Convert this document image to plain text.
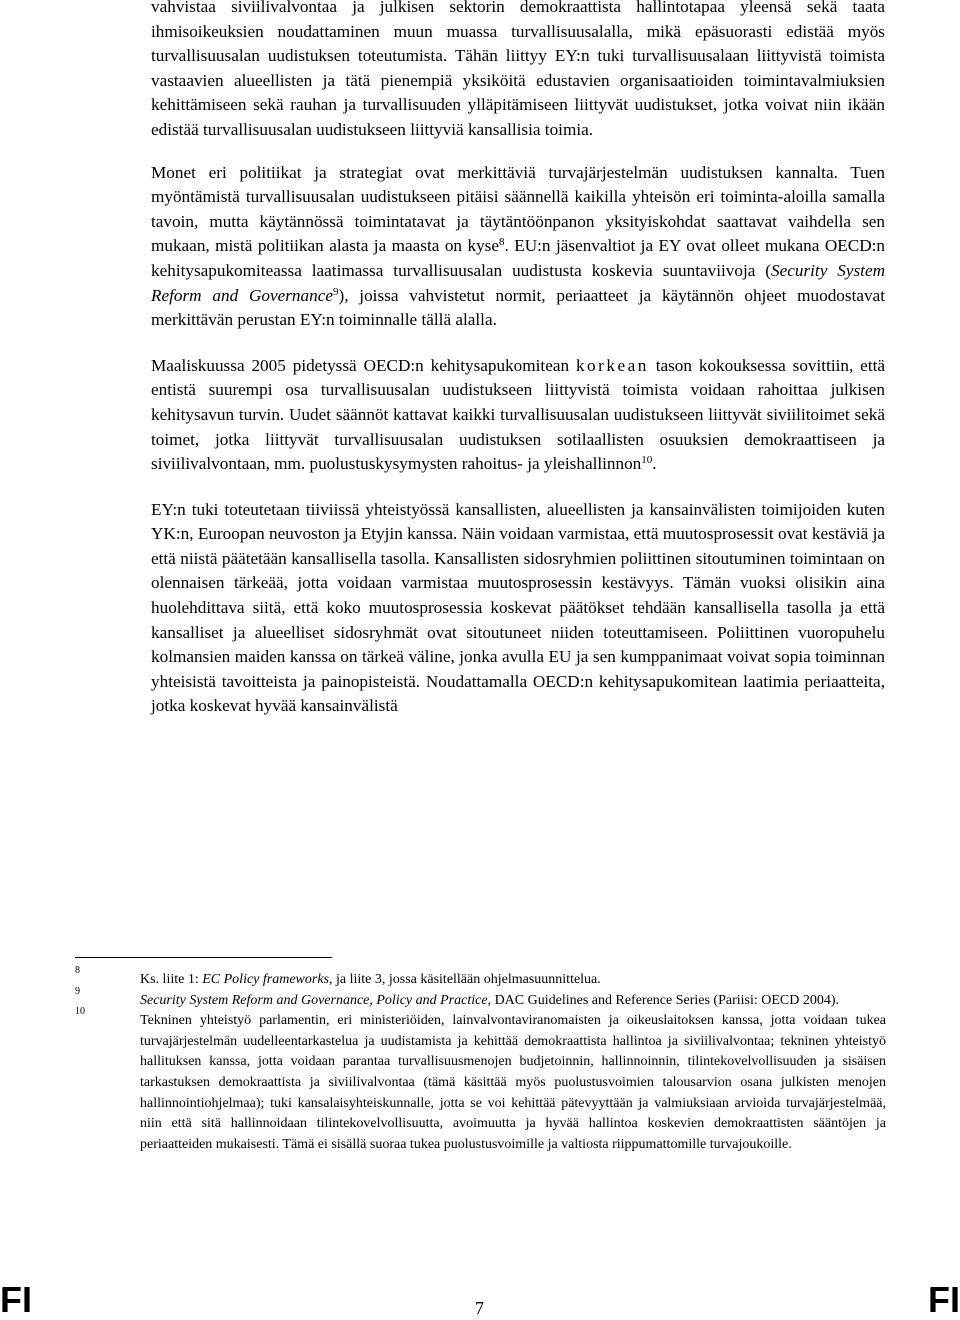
vahvistaa siviilivalvontaa ja julkisen sektorin demokraattista hallintotapaa yleensä sekä taata ihmisoikeuksien noudattaminen muun muassa turvallisuusalalla, mikä epäsuorasti edistää myös turvallisuusalan uudistuksen toteutumista. Tähän liittyy EY:n tuki turvallisuusalaan liittyvistä toimista vastaavien alueellisten ja tätä pienempiä yksiköitä edustavien organisaatioiden toimintavalmiuksien kehittämiseen sekä rauhan ja turvallisuuden ylläpitämiseen liittyvät uudistukset, jotka voivat niin ikään edistää turvallisuusalan uudistukseen liittyviä kansallisia toimia.

Monet eri politiikat ja strategiat ovat merkittäviä turvajärjestelmän uudistuksen kannalta. Tuen myöntämistä turvallisuusalan uudistukseen pitäisi säännellä kaikilla yhteisön eri toiminta-aloilla samalla tavoin, mutta käytännössä toimintatavat ja täytäntöönpanon yksityiskohdat saattavat vaihdella sen mukaan, mistä politiikan alasta ja maasta on kyse$^8$. EU:n jäsenvaltiot ja EY ovat olleet mukana OECD:n kehitysapukomiteassa laatimassa turvallisuusalan uudistusta koskevia suuntaviivoja (Security System Reform and Governance$^9$), joissa vahvistetut normit, periaatteet ja käytännön ohjeet muodostavat merkittävän perustan EY:n toiminnalle tällä alalla.

Maaliskuussa 2005 pidetyssä OECD:n kehitysapukomitean korkean tason kokouksessa sovittiin, että entistä suurempi osa turvallisuusalan uudistukseen liittyvistä toimista voidaan rahoittaa julkisen kehitysavun turvin. Uudet säännöt kattavat kaikki turvallisuusalan uudistukseen liittyvät siviilitoimet sekä toimet, jotka liittyvät turvallisuusalan uudistuksen sotilaallisten osuuksien demokraattiseen ja siviilivalvontaan, mm. puolustuskysymysten rahoitus- ja yleishallinnon$^{10}$.

EY:n tuki toteutetaan tiiviissä yhteistyössä kansallisten, alueellisten ja kansainvälisten toimijoiden kuten YK:n, Euroopan neuvoston ja Etyjin kanssa. Näin voidaan varmistaa, että muutosprosessit ovat kestäviä ja että niistä päätetään kansallisella tasolla. Kansallisten sidosryhmien poliittinen sitoutuminen toimintaan on olennaisen tärkeää, jotta voidaan varmistaa muutosprosessin kestävyys. Tämän vuoksi olisikin aina huolehdittava siitä, että koko muutosprosessia koskevat päätökset tehdään kansallisella tasolla ja että kansalliset ja alueelliset sidosryhmät ovat sitoutuneet niiden toteuttamiseen. Poliittinen vuoropuhelu kolmansien maiden kanssa on tärkeä väline, jonka avulla EU ja sen kumppanimaat voivat sopia toiminnan yhteisistä tavoitteista ja painopisteistä. Noudattamalla OECD:n kehitysapukomitean laatimia periaatteita, jotka koskevat hyvää kansainvälistä

8
Ks. liite 1: EC Policy frameworks, ja liite 3, jossa käsitellään ohjelmasuunnittelua.
9
Security System Reform and Governance, Policy and Practice, DAC Guidelines and Reference Series (Pariisi: OECD 2004).
10
Tekninen yhteistyö parlamentin, eri ministeriöiden, lainvalvontaviranomaisten ja oikeuslaitoksen kanssa, jotta voidaan tukea turvajärjestelmän uudelleentarkastelua ja uudistamista ja kehittää demokraattista hallintoa ja siviilivalvontaa; tekninen yhteistyö hallituksen kanssa, jotta voidaan parantaa turvallisuusmenojen budjetoinnin, hallinnoinnin, tilintekovelvollisuuden ja sisäisen tarkastuksen demokraattista ja siviilivalvontaa (tämä käsittää myös puolustusvoimien talousarvion osana julkisten menojen hallinnointiohjelmaa); tuki kansalaisyhteiskunnalle, jotta se voi kehittää pätevyyttään ja valmiuksiaan arvioida turvajärjestelmää, niin että sitä hallinnoidaan tilintekovelvollisuutta, avoimuutta ja hyvää hallintoa koskevien demokraattisten sääntöjen ja periaatteiden mukaisesti. Tämä ei sisällä suoraa tukea puolustusvoimille ja valtiosta riippumattomille turvajoukoille.
FI	7	FI
